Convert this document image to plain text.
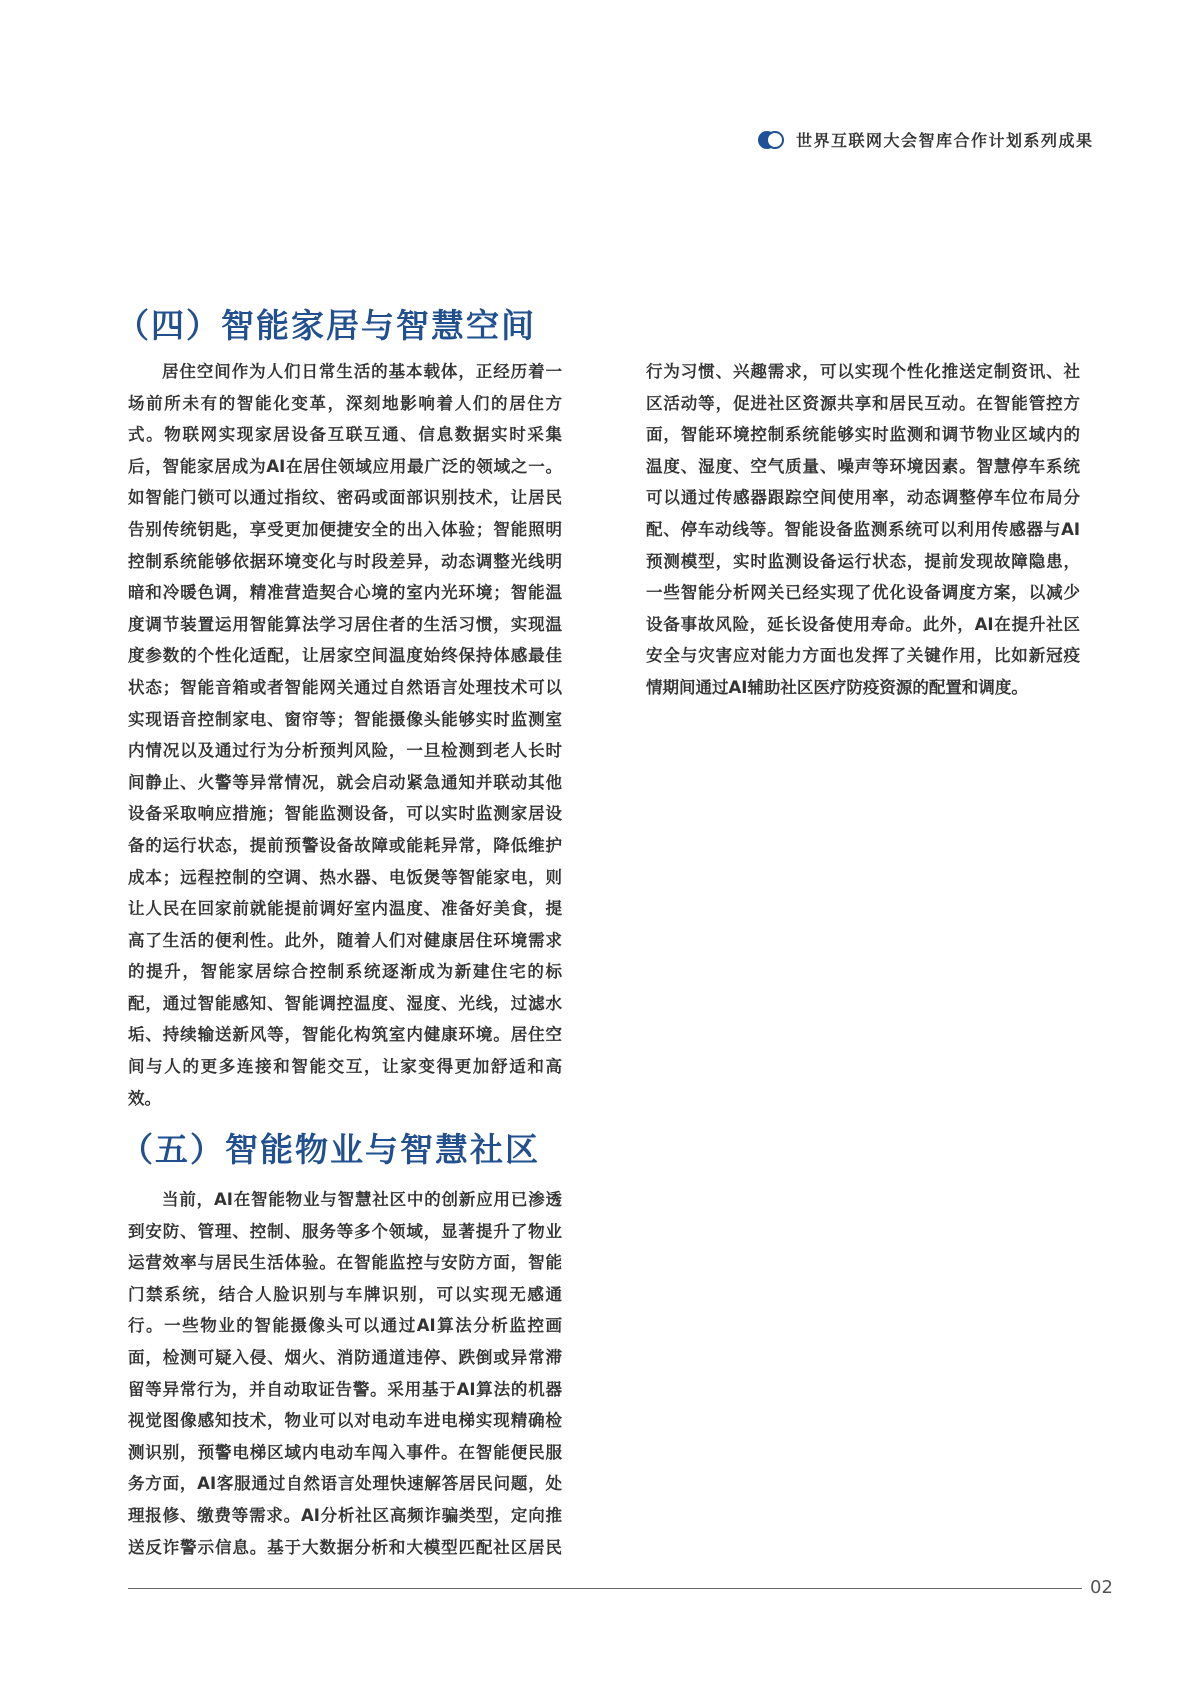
世界互联网大会智库合作计划系列成果
（四）智能家居与智慧空间
居住空间作为人们日常生活的基本载体，正经历着一
场前所未有的智能化变革，深刻地影响着人们的居住方
式。物联网实现家居设备互联互通、信息数据实时采集
后，智能家居成为AI在居住领域应用最广泛的领域之一。
如智能门锁可以通过指纹、密码或面部识别技术，让居民
告别传统钥匙，享受更加便捷安全的出入体验；智能照明
控制系统能够依据环境变化与时段差异，动态调整光线明
暗和冷暖色调，精准营造契合心境的室内光环境；智能温
度调节装置运用智能算法学习居住者的生活习惯，实现温
度参数的个性化适配，让居家空间温度始终保持体感最佳
状态；智能音箱或者智能网关通过自然语言处理技术可以
实现语音控制家电、窗帘等；智能摄像头能够实时监测室
内情况以及通过行为分析预判风险，一旦检测到老人长时
间静止、火警等异常情况，就会启动紧急通知并联动其他
设备采取响应措施；智能监测设备，可以实时监测家居设
备的运行状态，提前预警设备故障或能耗异常，降低维护
成本；远程控制的空调、热水器、电饭煲等智能家电，则
让人民在回家前就能提前调好室内温度、准备好美食，提
高了生活的便利性。此外，随着人们对健康居住环境需求
的提升，智能家居综合控制系统逐渐成为新建住宅的标
配，通过智能感知、智能调控温度、湿度、光线，过滤水
垢、持续输送新风等，智能化构筑室内健康环境。居住空
间与人的更多连接和智能交互，让家变得更加舒适和高
效。
（五）智能物业与智慧社区
当前，AI在智能物业与智慧社区中的创新应用已渗透
到安防、管理、控制、服务等多个领域，显著提升了物业
运营效率与居民生活体验。在智能监控与安防方面，智能
门禁系统，结合人脸识别与车牌识别，可以实现无感通
行。一些物业的智能摄像头可以通过AI算法分析监控画
面，检测可疑入侵、烟火、消防通道违停、跌倒或异常滞
留等异常行为，并自动取证告警。采用基于AI算法的机器
视觉图像感知技术，物业可以对电动车进电梯实现精确检
测识别，预警电梯区域内电动车闯入事件。在智能便民服
务方面，AI客服通过自然语言处理快速解答居民问题，处
理报修、缴费等需求。AI分析社区高频诈骗类型，定向推
送反诈警示信息。基于大数据分析和大模型匹配社区居民
行为习惯、兴趣需求，可以实现个性化推送定制资讯、社
区活动等，促进社区资源共享和居民互动。在智能管控方
面，智能环境控制系统能够实时监测和调节物业区域内的
温度、湿度、空气质量、噪声等环境因素。智慧停车系统
可以通过传感器跟踪空间使用率，动态调整停车位布局分
配、停车动线等。智能设备监测系统可以利用传感器与AI
预测模型，实时监测设备运行状态，提前发现故障隐患，
一些智能分析网关已经实现了优化设备调度方案，以减少
设备事故风险，延长设备使用寿命。此外，AI在提升社区
安全与灾害应对能力方面也发挥了关键作用，比如新冠疫
情期间通过AI辅助社区医疗防疫资源的配置和调度。
02
